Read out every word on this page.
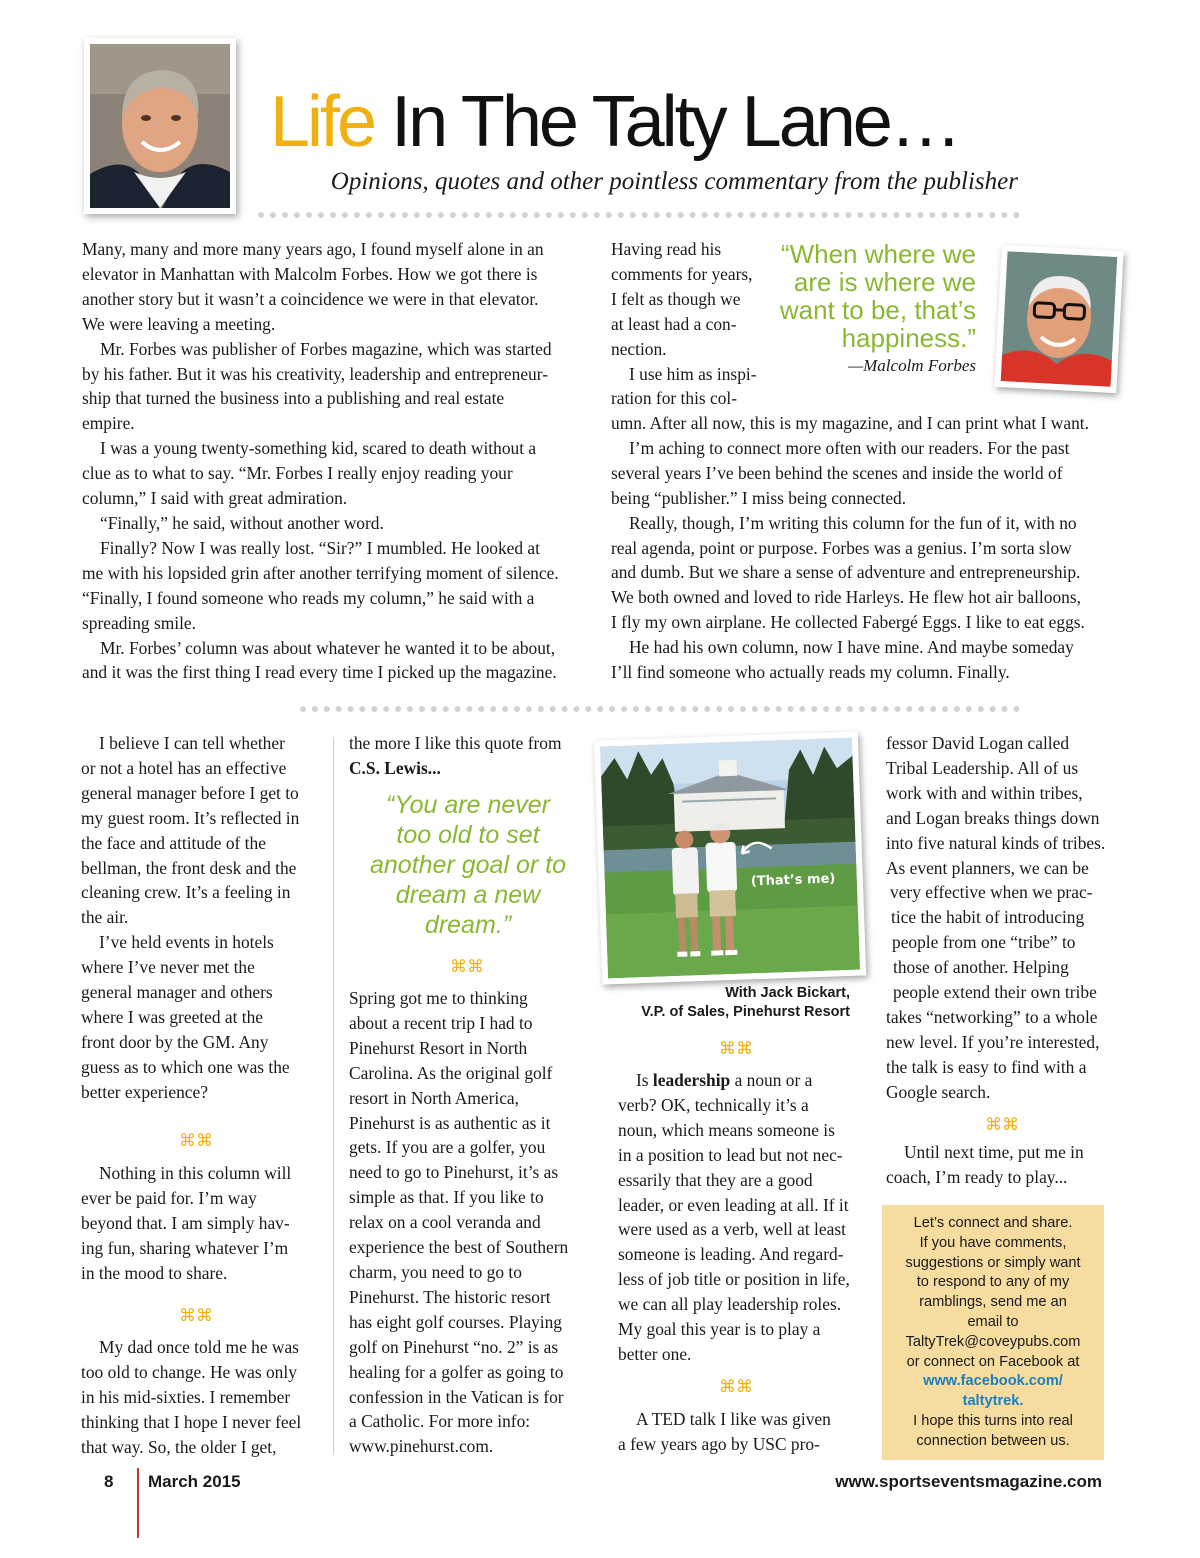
Life In The Talty Lane…
Opinions, quotes and other pointless commentary from the publisher

Many, many and more many years ago, I found myself alone in an

elevator in Manhattan with Malcolm Forbes. How we got there is

another story but it wasn’t a coincidence we were in that elevator.

We were leaving a meeting.

Mr. Forbes was publisher of Forbes magazine, which was started

by his father. But it was his creativity, leadership and entrepreneur-

ship that turned the business into a publishing and real estate

empire.

I was a young twenty-something kid, scared to death without a

clue as to what to say. “Mr. Forbes I really enjoy reading your

column,” I said with great admiration.

“Finally,” he said, without another word.

Finally? Now I was really lost. “Sir?” I mumbled. He looked at

me with his lopsided grin after another terrifying moment of silence.

“Finally, I found someone who reads my column,” he said with a

spreading smile.

Mr. Forbes’ column was about whatever he wanted it to be about,

and it was the first thing I read every time I picked up the magazine.

Having read his

comments for years,

I felt as though we

at least had a con-

nection.

I use him as inspi-

ration for this col-

“When where we
are is where we
want to be, that’s
happiness.”
—Malcolm Forbes

umn. After all now, this is my magazine, and I can print what I want.

I’m aching to connect more often with our readers. For the past

several years I’ve been behind the scenes and inside the world of

being “publisher.” I miss being connected.

Really, though, I’m writing this column for the fun of it, with no

real agenda, point or purpose. Forbes was a genius. I’m sorta slow

and dumb. But we share a sense of adventure and entrepreneurship.

We both owned and loved to ride Harleys. He flew hot air balloons,

I fly my own airplane. He collected Fabergé Eggs. I like to eat eggs.

He had his own column, now I have mine. And maybe someday

I’ll find someone who actually reads my column. Finally.

I believe I can tell whether

or not a hotel has an effective

general manager before I get to

my guest room. It’s reflected in

the face and attitude of the

bellman, the front desk and the

cleaning crew. It’s a feeling in

the air.

I’ve held events in hotels

where I’ve never met the

general manager and others

where I was greeted at the

front door by the GM. Any

guess as to which one was the

better experience?

⌘⌘

Nothing in this column will

ever be paid for. I’m way

beyond that. I am simply hav-

ing fun, sharing whatever I’m

in the mood to share.

⌘⌘

My dad once told me he was

too old to change. He was only

in his mid-sixties. I remember

thinking that I hope I never feel

that way. So, the older I get,

the more I like this quote from

C.S. Lewis...

“You are never
too old to set
another goal or to
dream a new
dream.”
⌘⌘

Spring got me to thinking

about a recent trip I had to

Pinehurst Resort in North

Carolina. As the original golf

resort in North America,

Pinehurst is as authentic as it

gets. If you are a golfer, you

need to go to Pinehurst, it’s as

simple as that. If you like to

relax on a cool veranda and

experience the best of Southern

charm, you need to go to

Pinehurst. The historic resort

has eight golf courses. Playing

golf on Pinehurst “no. 2” is as

healing for a golfer as going to

confession in the Vatican is for

a Catholic. For more info:

www.pinehurst.com.

(That’s me)
With Jack Bickart,
V.P. of Sales, Pinehurst Resort
⌘⌘

Is leadership a noun or a

verb? OK, technically it’s a

noun, which means someone is

in a position to lead but not nec-

essarily that they are a good

leader, or even leading at all. If it

were used as a verb, well at least

someone is leading. And regard-

less of job title or position in life,

we can all play leadership roles.

My goal this year is to play a

better one.

⌘⌘

A TED talk I like was given

a few years ago by USC pro-

fessor David Logan called

Tribal Leadership. All of us

work with and within tribes,

and Logan breaks things down

into five natural kinds of tribes.

As event planners, we can be

very effective when we prac-

tice the habit of introducing

people from one “tribe” to

those of another. Helping

people extend their own tribe

takes “networking” to a whole

new level. If you’re interested,

the talk is easy to find with a

Google search.

⌘⌘

Until next time, put me in

coach, I’m ready to play...

Let’s connect and share.
If you have comments,
suggestions or simply want
to respond to any of my
ramblings, send me an
email to
TaltyTrek@coveypubs.com
or connect on Facebook at
www.facebook.com/
taltytrek.
I hope this turns into real
connection between us.
8 March 2015	www.sportseventsmagazine.com
